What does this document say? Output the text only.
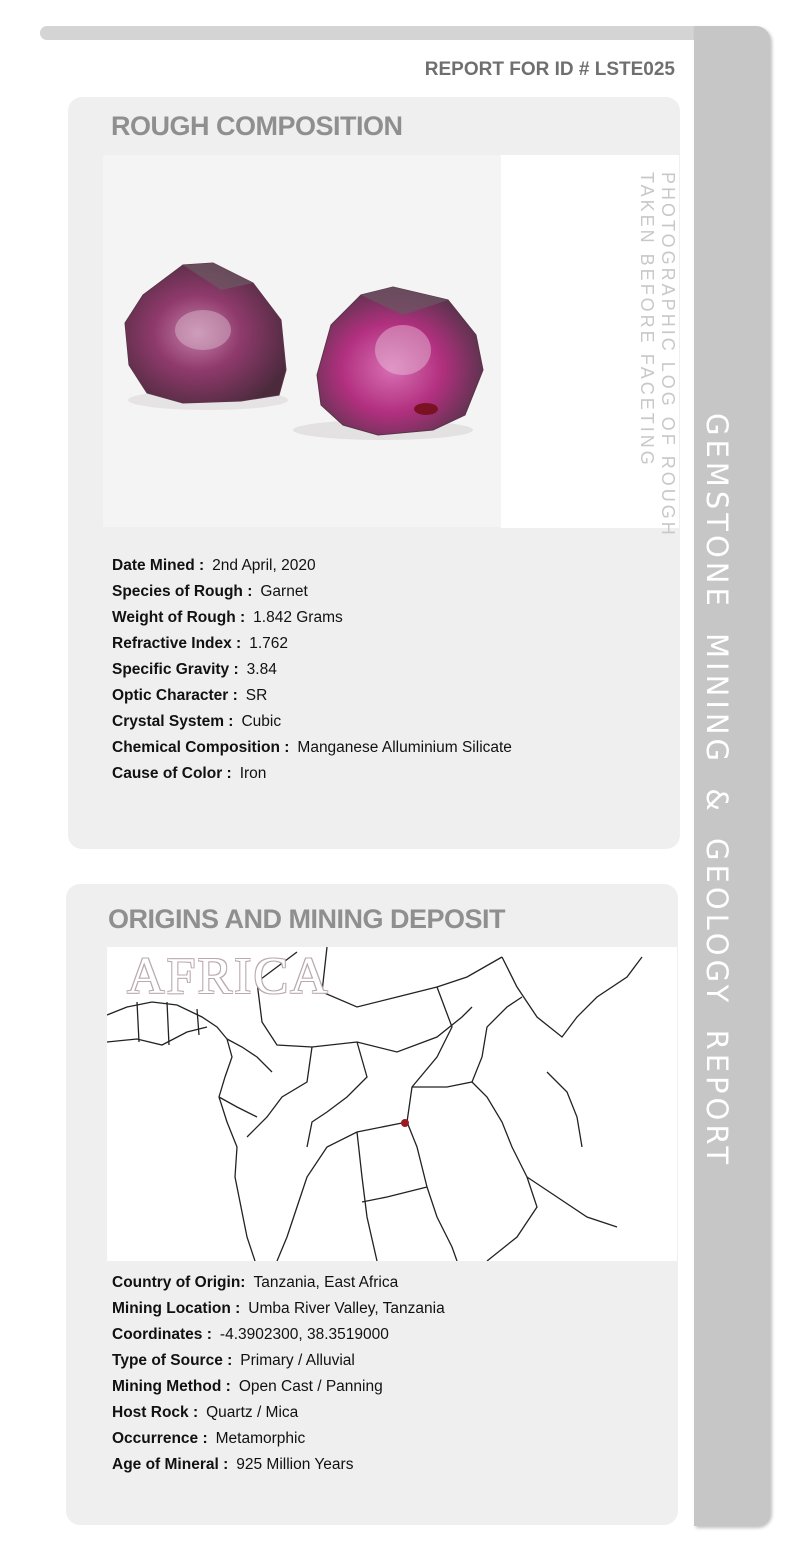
GEMSTONE MINING & GEOLOGY REPORT
REPORT FOR ID # LSTE025
ROUGH COMPOSITION
PHOTOGRAPHIC LOG OF ROUGH
TAKEN BEFORE FACETING
Date Mined : 2nd April, 2020
Species of Rough : Garnet
Weight of Rough : 1.842 Grams
Refractive Index : 1.762
Specific Gravity : 3.84
Optic Character : SR
Crystal System : Cubic
Chemical Composition : Manganese Alluminium Silicate
Cause of Color : Iron
ORIGINS AND MINING DEPOSIT
AFRICA
Country of Origin: Tanzania, East Africa
Mining Location : Umba River Valley, Tanzania
Coordinates : -4.3902300, 38.3519000
Type of Source : Primary / Alluvial
Mining Method : Open Cast / Panning
Host Rock : Quartz / Mica
Occurrence : Metamorphic
Age of Mineral : 925 Million Years
